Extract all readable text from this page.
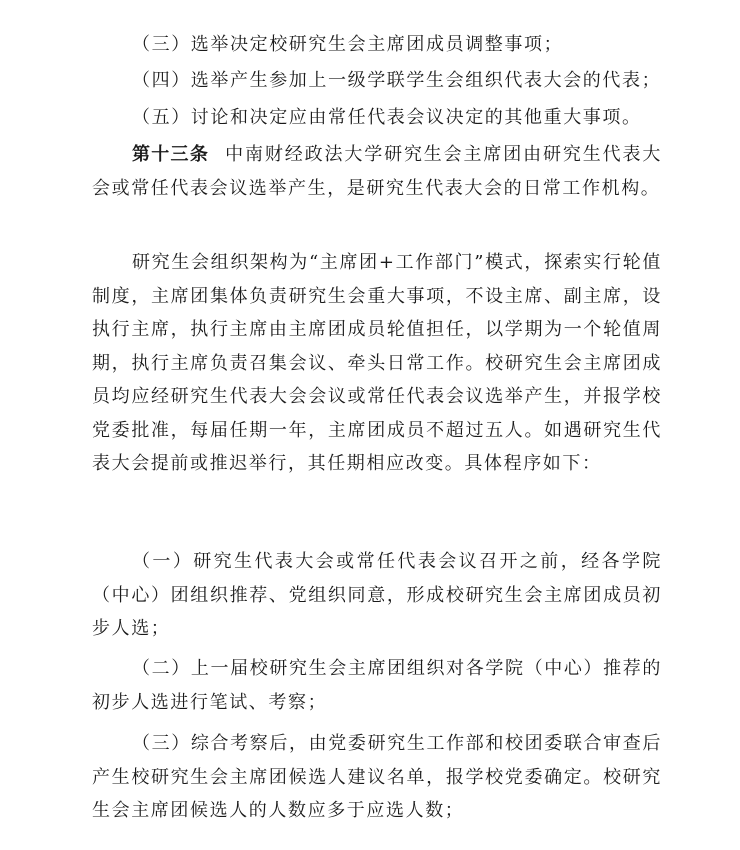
（三）选举决定校研究生会主席团成员调整事项；

（四）选举产生参加上一级学联学生会组织代表大会的代表；

（五）讨论和决定应由常任代表会议决定的其他重大事项。

第十三条 中南财经政法大学研究生会主席团由研究生代表大会或常任代表会议选举产生，是研究生代表大会的日常工作机构。

研究生会组织架构为“主席团+工作部门”模式，探索实行轮值制度，主席团集体负责研究生会重大事项，不设主席、副主席，设执行主席，执行主席由主席团成员轮值担任，以学期为一个轮值周期，执行主席负责召集会议、牵头日常工作。校研究生会主席团成员均应经研究生代表大会会议或常任代表会议选举产生，并报学校党委批准，每届任期一年，主席团成员不超过五人。如遇研究生代表大会提前或推迟举行，其任期相应改变。具体程序如下：

（一）研究生代表大会或常任代表会议召开之前，经各学院（中心）团组织推荐、党组织同意，形成校研究生会主席团成员初步人选；

（二）上一届校研究生会主席团组织对各学院（中心）推荐的初步人选进行笔试、考察；

（三）综合考察后，由党委研究生工作部和校团委联合审查后产生校研究生会主席团候选人建议名单，报学校党委确定。校研究生会主席团候选人的人数应多于应选人数；
